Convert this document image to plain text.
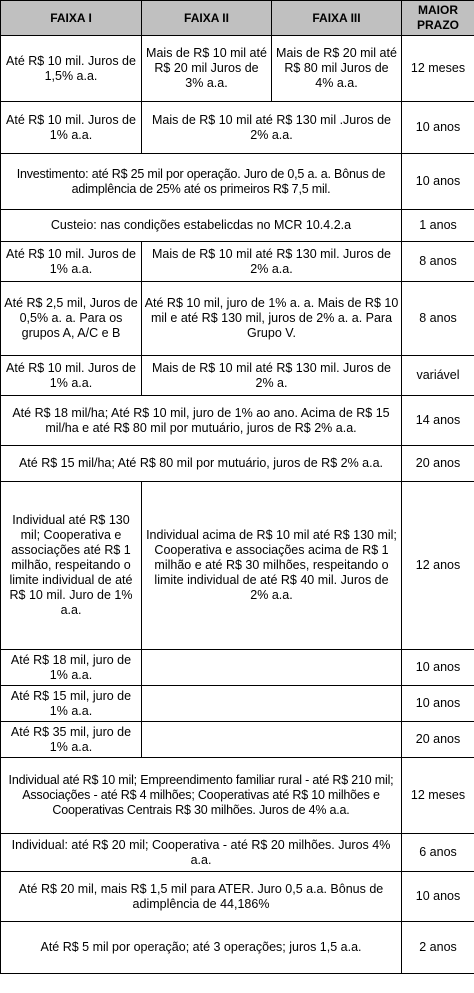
FAIXA I	FAIXA II	FAIXA III	MAIOR PRAZO
Até R$ 10 mil. Juros de 1,5% a.a.	Mais de R$ 10 mil até R$ 20 mil Juros de 3% a.a.	Mais de R$ 20 mil até R$ 80 mil Juros de 4% a.a.	12 meses
Até R$ 10 mil. Juros de 1% a.a.	Mais de R$ 10 mil até R$ 130 mil .Juros de 2% a.a.		10 anos
Investimento: até R$ 25 mil por operação. Juro de 0,5 a. a. Bônus de adimplência de 25% até os primeiros R$ 7,5 mil.			10 anos
Custeio: nas condições estabelicdas no MCR 10.4.2.a			1 anos
Até R$ 10 mil. Juros de 1% a.a.	Mais de R$ 10 mil até R$ 130 mil. Juros de 2% a.a.		8 anos
Até R$ 2,5 mil, Juros de 0,5% a. a. Para os grupos A, A/C e B	Até R$ 10 mil, juro de 1% a. a. Mais de R$ 10 mil e até R$ 130 mil, juros de 2% a. a. Para Grupo V.		8 anos
Até R$ 10 mil. Juros de 1% a.a.	Mais de R$ 10 mil até R$ 130 mil. Juros de 2% a.		variável
Até R$ 18 mil/ha; Até R$ 10 mil, juro de 1% ao ano. Acima de R$ 15 mil/ha e até R$ 80 mil por mutuário, juros de R$ 2% a.a.			14 anos
Até R$ 15 mil/ha; Até R$ 80 mil por mutuário, juros de R$ 2% a.a.			20 anos
Individual até R$ 130 mil; Cooperativa e associações até R$ 1 milhão, respeitando o limite individual de até R$ 10 mil. Juro de 1% a.a.	Individual acima de R$ 10 mil até R$ 130 mil; Cooperativa e associações acima de R$ 1 milhão e até R$ 30 milhões, respeitando o limite individual de até R$ 40 mil. Juros de 2% a.a.		12 anos
Até R$ 18 mil, juro de 1% a.a.			10 anos
Até R$ 15 mil, juro de 1% a.a.			10 anos
Até R$ 35 mil, juro de 1% a.a.			20 anos
Individual até R$ 10 mil; Empreendimento familiar rural - até R$ 210 mil; Associações - até R$ 4 milhões; Cooperativas até R$ 10 milhões e Cooperativas Centrais R$ 30 milhões. Juros de 4% a.a.			12 meses
Individual: até R$ 20 mil; Cooperativa - até R$ 20 milhões. Juros 4% a.a.			6 anos
Até R$ 20 mil, mais R$ 1,5 mil para ATER. Juro 0,5 a.a. Bônus de adimplência de 44,186%			10 anos
Até R$ 5 mil por operação; até 3 operações; juros 1,5 a.a.			2 anos
